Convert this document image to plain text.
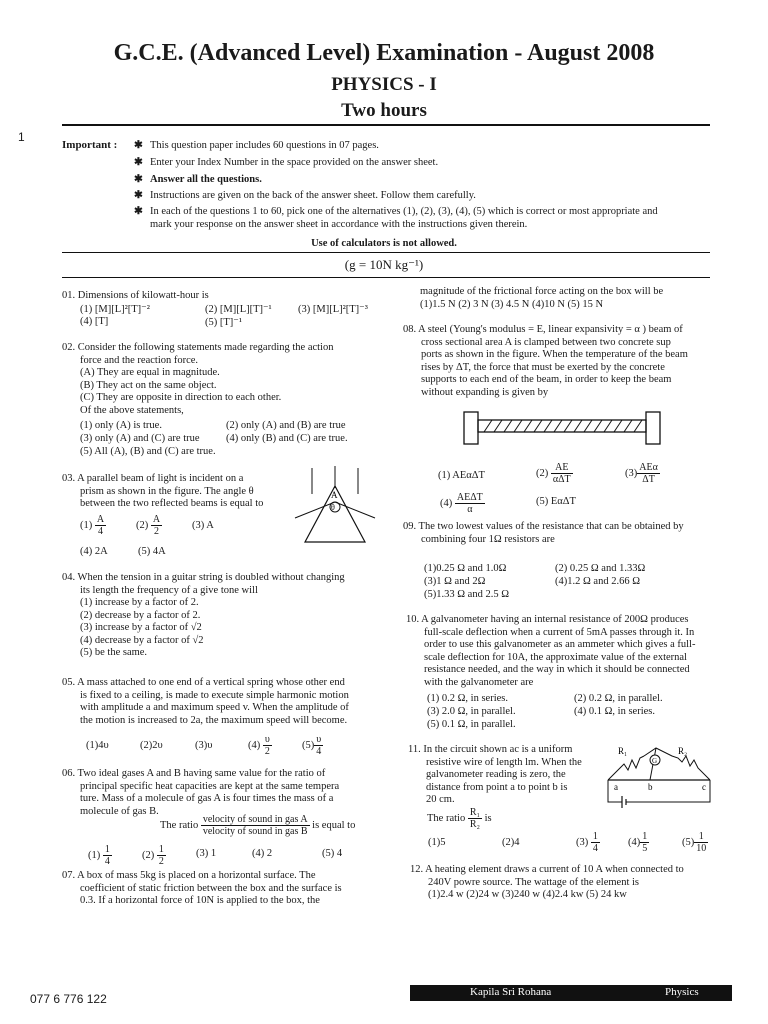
G.C.E. (Advanced Level) Examination - August 2008
PHYSICS - I
Two hours
1
Important : ✱ This question paper includes 60 questions in 07 pages.
✱ Enter your Index Number in the space provided on the answer sheet.
✱ Answer all the questions.
✱ Instructions are given on the back of the answer sheet. Follow them carefully.
✱ In each of the questions 1 to 60, pick one of the alternatives (1), (2), (3), (4), (5) which is correct or most appropriate and
mark your response on the answer sheet in accordance with the instructions given therein.
Use of calculators is not allowed.
(g = 10N kg⁻¹)
01. Dimensions of kilowatt-hour is
(1) [M][L]²[T]⁻²	(2) [M][L][T]⁻¹	(3) [M][L]²[T]⁻³
(4) [T]	(5) [T]⁻¹
02. Consider the following statements made regarding the action
force and the reaction force.
(A) They are equal in magnitude.
(B) They act on the same object.
(C) They are opposite in direction to each other.
Of the above statements,
(1) only (A) is true.	(2) only (A) and (B) are true
(3) only (A) and (C) are true	(4) only (B) and (C) are true.
(5) All (A), (B) and (C) are true.
03. A parallel beam of light is incident on a
prism as shown in the figure. The angle θ
between the two reflected beams is equal to
$(1) \frac{A}{4}$	$(2) \frac{A}{2}$	(3) A
(4) 2A	(5) 4A
A
θ
04. When the tension in a guitar string is doubled without changing
its length the frequency of a give tone will
(1) increase by a factor of 2.
(2) decrease by a factor of 2.
(3) increase by a factor of √2
(4) decrease by a factor of √2
(5) be the same.
05. A mass attached to one end of a vertical spring whose other end
is fixed to a ceiling, is made to execute simple harmonic motion
with amplitude a and maximum speed v. When the amplitude of
the motion is increased to 2a, the maximum speed will become.
(1)4υ	(2)2υ	(3)υ	$(4) \frac{\upsilon}{2}$	$(5) \frac{\upsilon}{4}$
06. Two ideal gases A and B having same value for the ratio of
principal specific heat capacities are kept at the same tempera
ture. Mass of a molecule of gas A is four times the mass of a
molecule of gas B.
The ratio $\frac{\text{velocity of sound in gas A}}{\text{velocity of sound in gas B}}$ is equal to
$(1) \frac{1}{4}$	$(2) \frac{1}{2}$	(3) 1	(4) 2	(5) 4
07. A box of mass 5kg is placed on a horizontal surface. The
coefficient of static friction between the box and the surface is
0.3. If a horizontal force of 10N is applied to the box, the
magnitude of the frictional force acting on the box will be
(1)1.5 N (2) 3 N (3) 4.5 N (4)10 N (5) 15 N
08. A steel (Young's modulus = E, linear expansivity = α ) beam of
cross sectional area A is clamped between two concrete sup
ports as shown in the figure. When the temperature of the beam
rises by ΔT, the force that must be exerted by the concrete
supports to each end of the beam, in order to keep the beam
without expanding is given by
(1) AEαΔT	$(2) \frac{AE}{\text{αΔT}}$	$(3) \frac{\text{AEα}}{\Delta T}$
$(4) \frac{\text{AEΔT}}{\alpha}$	(5) EαΔT
09. The two lowest values of the resistance that can be obtained by
combining four 1Ω resistors are
(1)0.25 Ω and 1.0Ω	(2) 0.25 Ω and 1.33Ω
(3)1 Ω and 2Ω	(4)1.2 Ω and 2.66 Ω
(5)1.33 Ω and 2.5 Ω
10. A galvanometer having an internal resistance of 200Ω produces
full-scale deflection when a current of 5mA passes through it. In
order to use this galvanometer as an ammeter which gives a full-
scale deflection for 10A, the approximate value of the external
resistance needed, and the way in which it should be connected
with the galvanometer are
(1) 0.2 Ω, in series.	(2) 0.2 Ω, in parallel.
(3) 2.0 Ω, in parallel.	(4) 0.1 Ω, in series.
(5) 0.1 Ω, in parallel.
11. In the circuit shown ac is a uniform
resistive wire of length lm. When the
galvanometer reading is zero, the
distance from point a to point b is
20 cm.
The ratio $\frac{\text{R₁}}{\text{R₂}}$ is
G
R₁	R₂
a	b	c
(1)5	(2)4	$(3) \frac{1}{4}$	$(4) \frac{1}{5}$	$(5) \frac{1}{10}$
12. A heating element draws a current of 10 A when connected to
240V powre source. The wattage of the element is
(1)2.4 w (2)24 w (3)240 w (4)2.4 kw (5) 24 kw
077 6 776 122	Kapila Sri Rohana	Physics
